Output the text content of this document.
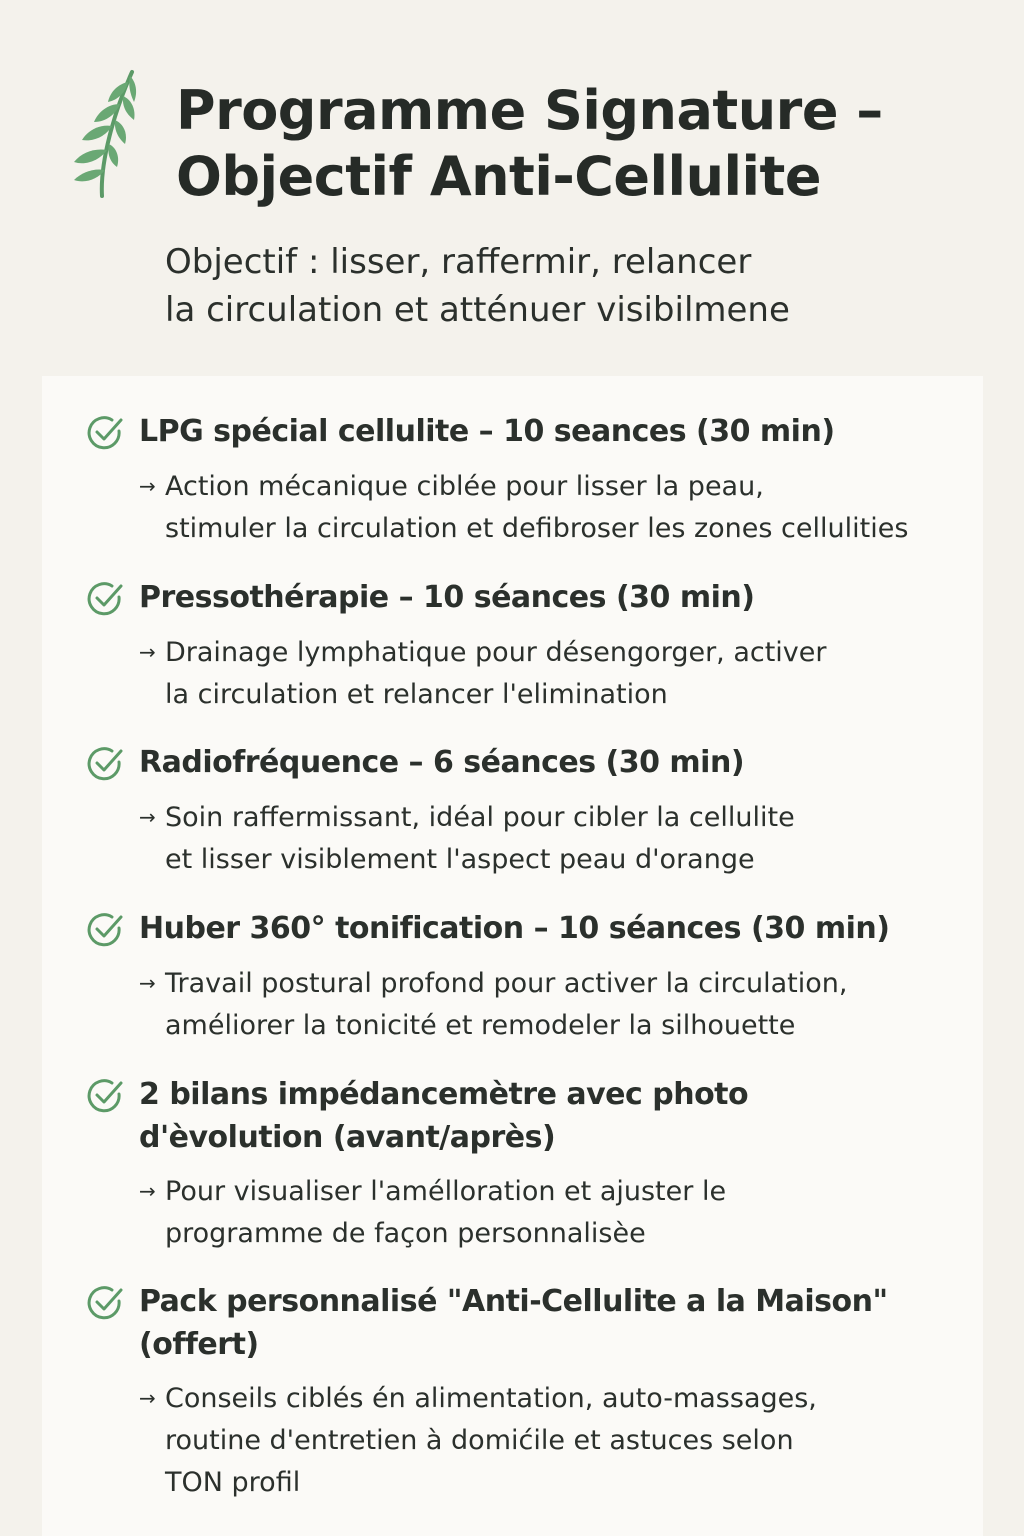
Programme Signature –
Objectif Anti-Cellulite

Objectif : lisser, raffermir, relancer
la circulation et atténuer visibilmene

LPG spécial cellulite – 10 seances (30 min)

→ Action mécanique ciblée pour lisser la peau,
stimuler la circulation et defibroser les zones cellulities

Pressothérapie – 10 séances (30 min)

→ Drainage lymphatique pour désengorger, activer
la circulation et relancer l'elimination

Radiofréquence – 6 séances (30 min)

→ Soin raffermissant, idéal pour cibler la cellulite
et lisser visiblement l'aspect peau d'orange

Huber 360° tonification – 10 séances (30 min)

→ Travail postural profond pour activer la circulation,
améliorer la tonicité et remodeler la silhouette

2 bilans impédancemètre avec photo
d'èvolution (avant/après)

→ Pour visualiser l'amélloration et ajuster le
programme de façon personnalisèe

Pack personnalisé "Anti-Cellulite a la Maison"
(offert)

→ Conseils ciblés én alimentation, auto-massages,
routine d'entretien à domićile et astuces selon
TON profil
